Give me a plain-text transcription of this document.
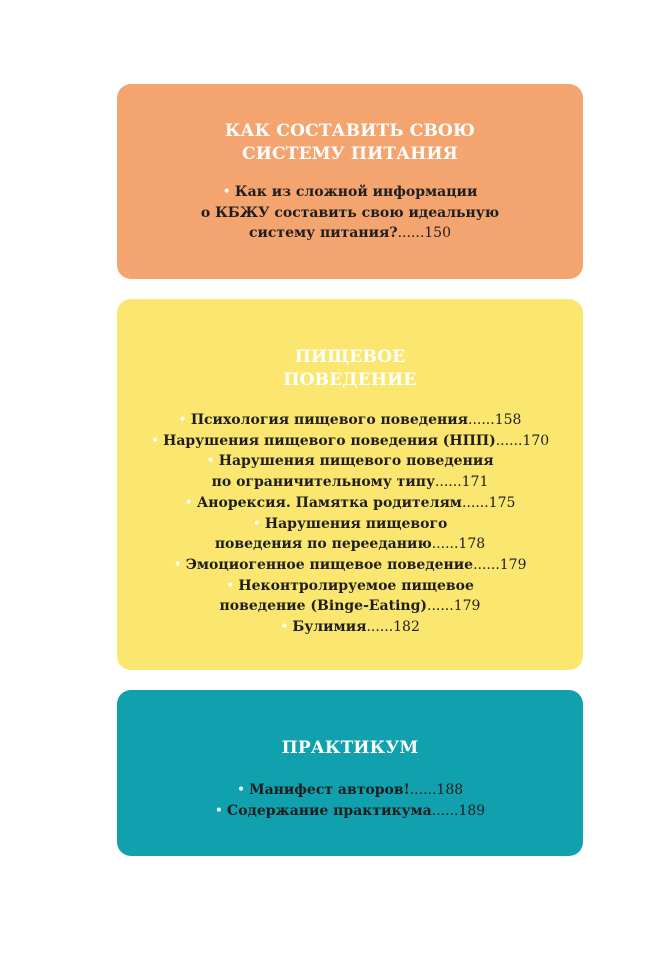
КАК СОСТАВИТЬ СВОЮ
СИСТЕМУ ПИТАНИЯ
• Как из сложной информации
о КБЖУ составить свою идеальную
систему питания?......150
ПИЩЕВОЕ
ПОВЕДЕНИЕ
• Психология пищевого поведения......158
• Нарушения пищевого поведения (НПП)......170
• Нарушения пищевого поведения
по ограничительному типу......171
• Анорексия. Памятка родителям......175
• Нарушения пищевого
поведения по перееданию......178
• Эмоциогенное пищевое поведение......179
• Неконтролируемое пищевое
поведение (Binge-Eating)......179
• Булимия......182
ПРАКТИКУМ
• Манифест авторов!......188
• Содержание практикума......189
